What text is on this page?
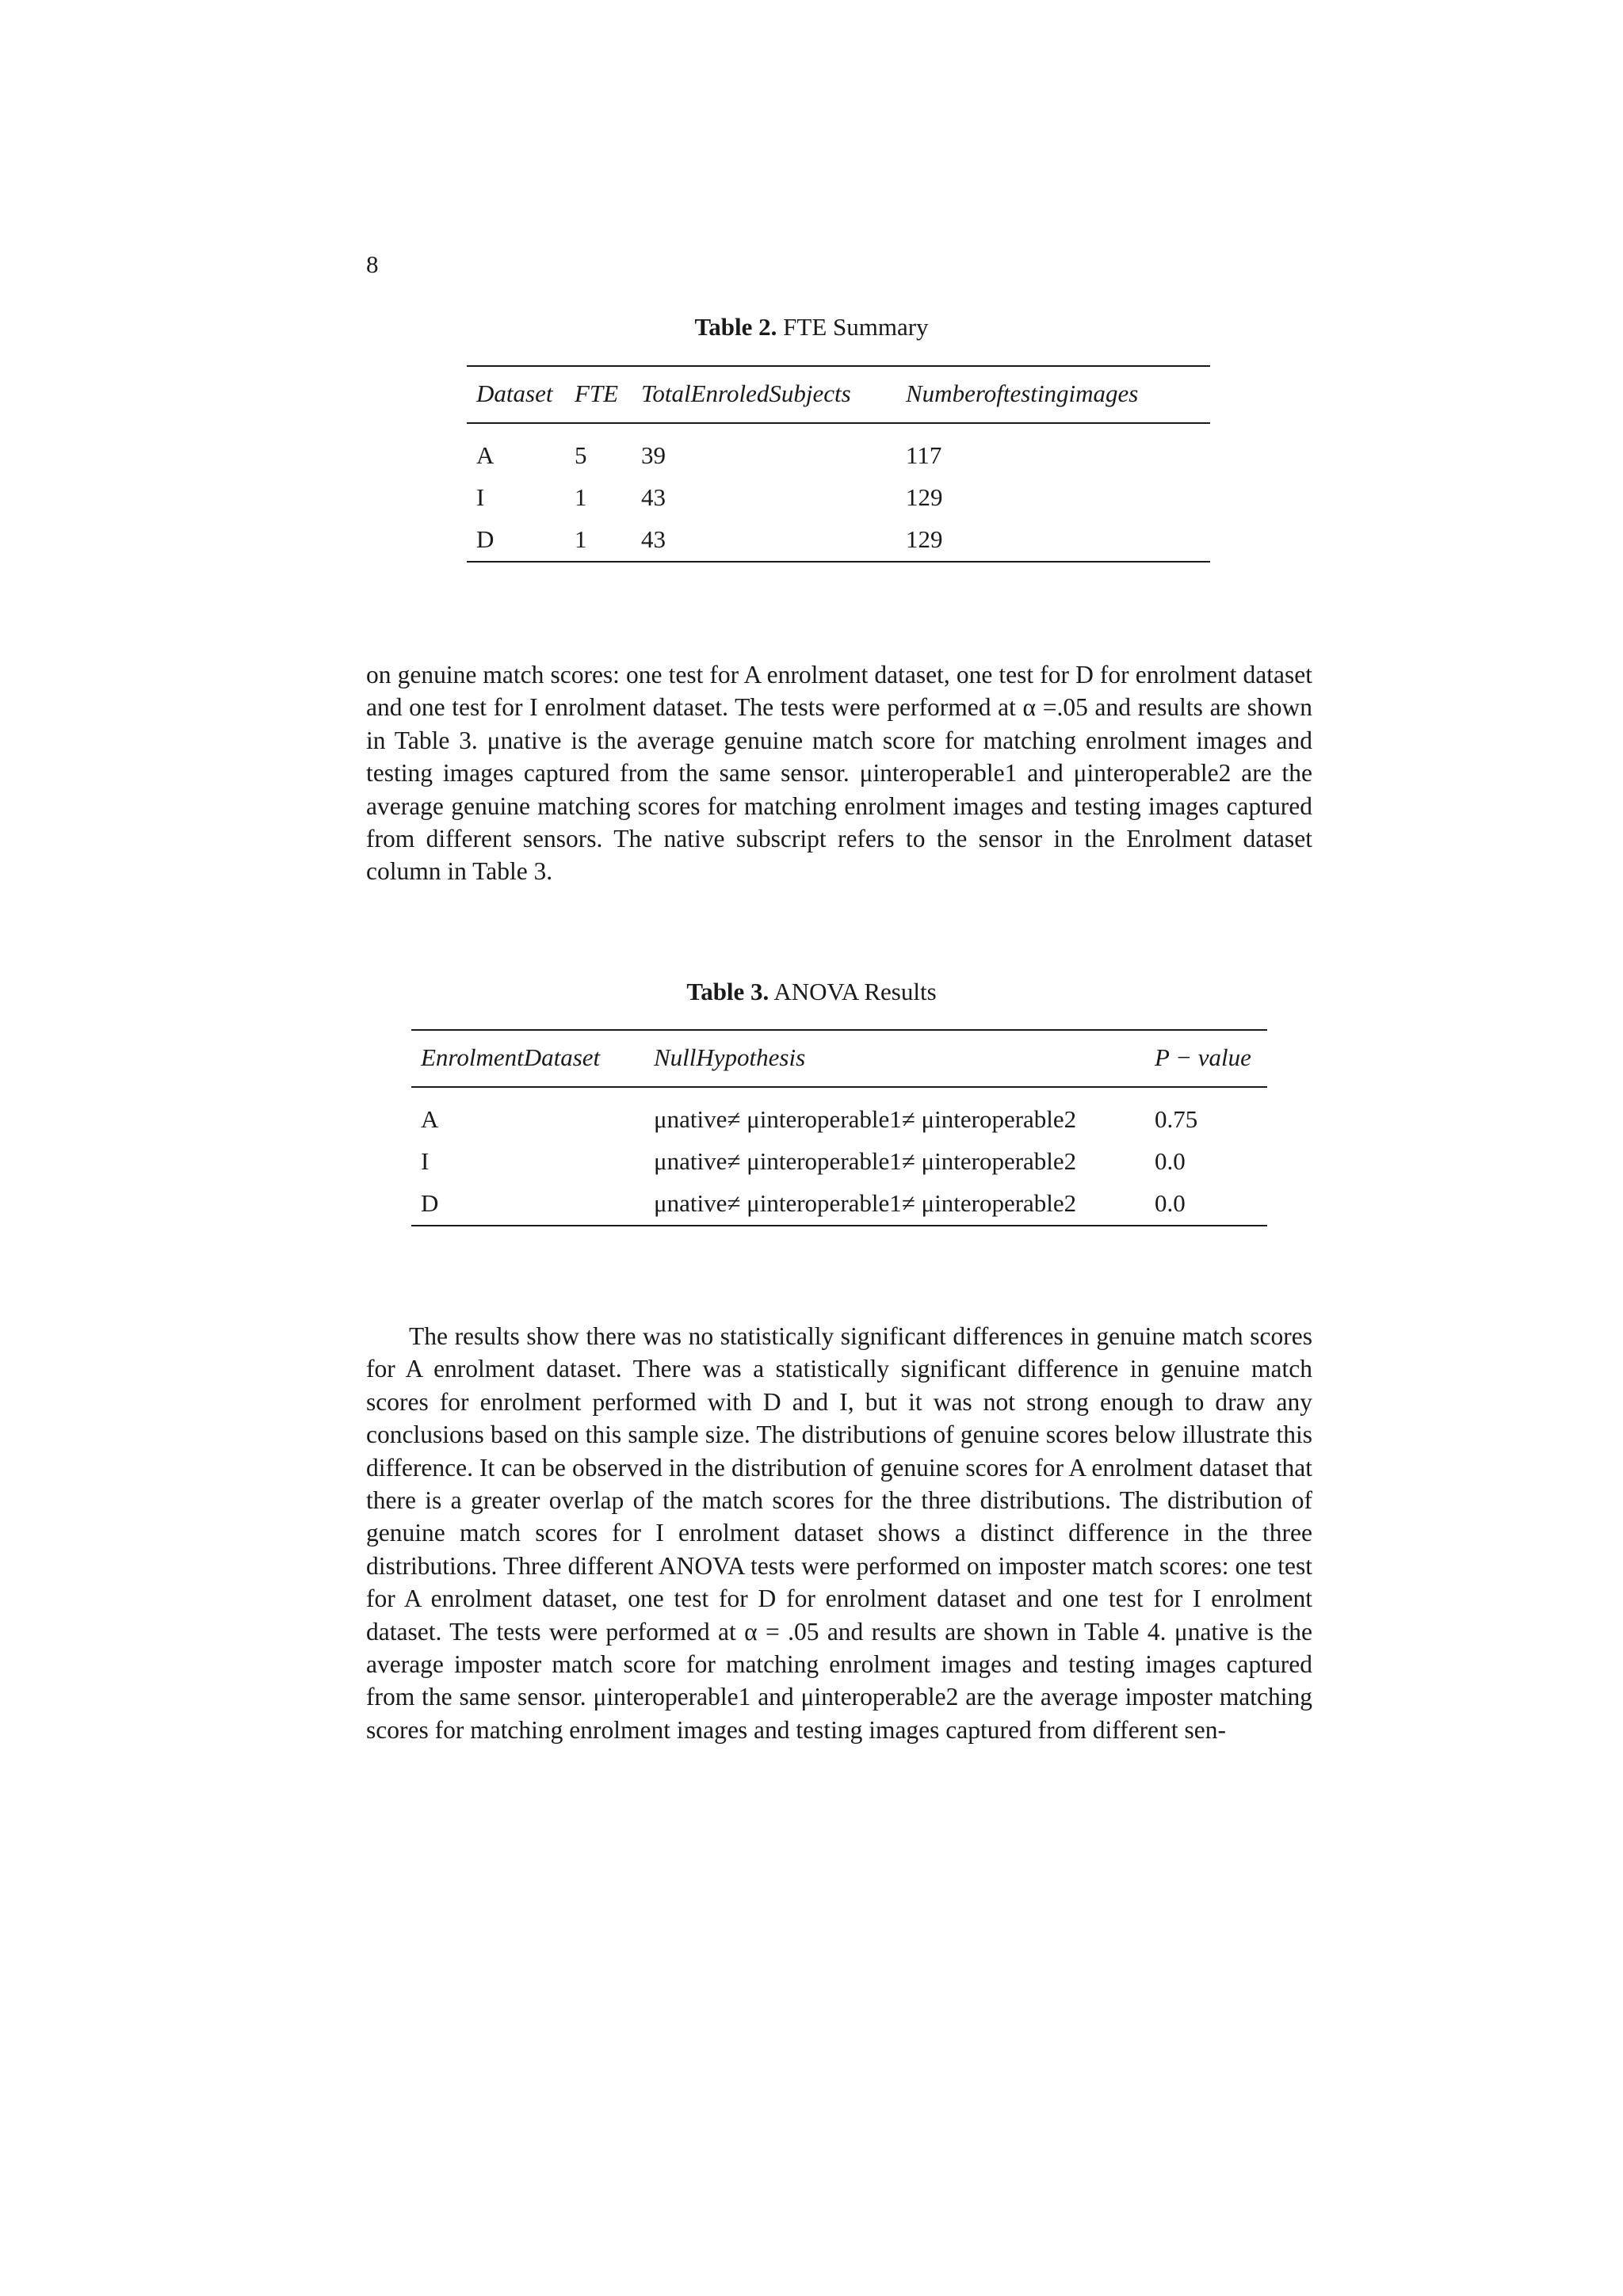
8
Table 2. FTE Summary
Dataset	FTE	TotalEnroledSubjects	Numberoftestingimages
A	5	39	117
I	1	43	129
D	1	43	129

on genuine match scores: one test for A enrolment dataset, one test for D for enrolment dataset and one test for I enrolment dataset. The tests were performed at α =.05 and results are shown in Table 3. μnative is the average genuine match score for matching enrolment images and testing images captured from the same sensor. μinteroperable1 and μinteroperable2 are the average genuine matching scores for matching enrolment images and testing images captured from different sensors. The native subscript refers to the sensor in the Enrolment dataset column in Table 3.

Table 3. ANOVA Results
EnrolmentDataset	NullHypothesis	P − value
A	μnative≠ μinteroperable1≠ μinteroperable2	0.75
I	μnative≠ μinteroperable1≠ μinteroperable2	0.0
D	μnative≠ μinteroperable1≠ μinteroperable2	0.0

The results show there was no statistically significant differences in genuine match scores for A enrolment dataset. There was a statistically significant difference in genuine match scores for enrolment performed with D and I, but it was not strong enough to draw any conclusions based on this sample size. The distributions of genuine scores below illustrate this difference. It can be observed in the distribution of genuine scores for A enrolment dataset that there is a greater overlap of the match scores for the three distributions. The distribution of genuine match scores for I enrolment dataset shows a distinct difference in the three distributions. Three different ANOVA tests were performed on imposter match scores: one test for A enrolment dataset, one test for D for enrolment dataset and one test for I enrolment dataset. The tests were performed at α = .05 and results are shown in Table 4. μnative is the average imposter match score for matching enrolment images and testing images captured from the same sensor. μinteroperable1 and μinteroperable2 are the average imposter matching scores for matching enrolment images and testing images captured from different sen-
